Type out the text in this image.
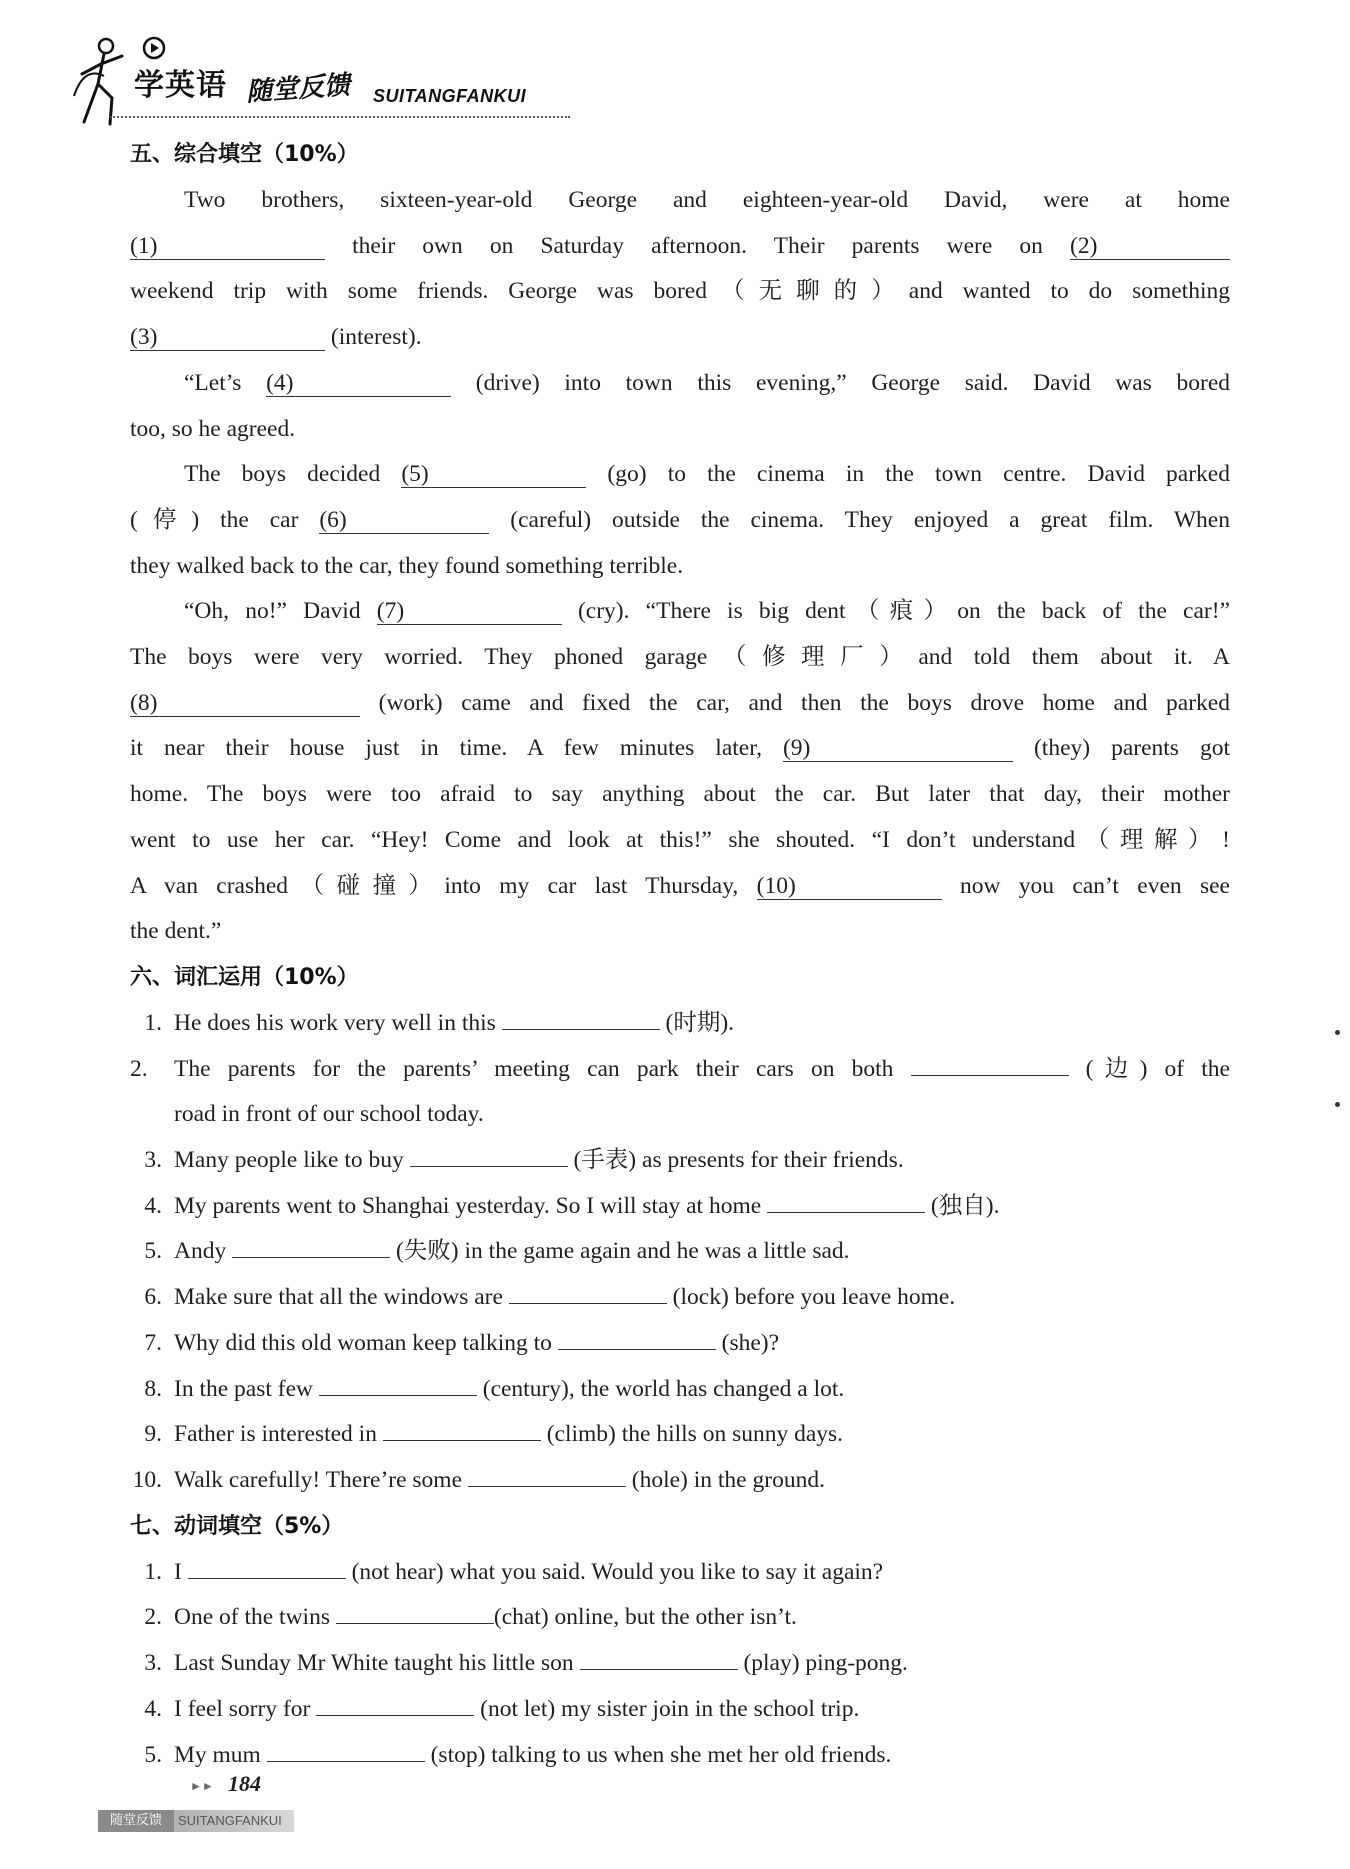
学英语 随堂反馈 SUITANGFANKUI
五、综合填空（10%）

Two brothers, sixteen-year-old George and eighteen-year-old David, were at home

(1)	their own on Saturday afternoon. Their parents were on (2)

weekend trip with some friends. George was bored（无聊的）and wanted to do something

(3)	(interest).

“Let’s (4)	(drive) into town this evening,” George said. David was bored

too, so he agreed.

The boys decided (5)	(go) to the cinema in the town centre. David parked

(停) the car (6)	(careful) outside the cinema. They enjoyed a great film. When

they walked back to the car, they found something terrible.

“Oh, no!” David (7)	(cry). “There is big dent（痕）on the back of the car!”

The boys were very worried. They phoned garage（修理厂）and told them about it. A

(8)	(work) came and fixed the car, and then the boys drove home and parked

it near their house just in time. A few minutes later, (9)	(they) parents got

home. The boys were too afraid to say anything about the car. But later that day, their mother

went to use her car. “Hey! Come and look at this!” she shouted. “I don’t understand（理解）!

A van crashed（碰撞）into my car last Thursday, (10)	now you can’t even see

the dent.”

六、词汇运用（10%）
1. He does his work very well in this	(时期).
2.	The parents for the parents’ meeting can park their cars on both	(边) of the
road in front of our school today.
3. Many people like to buy	(手表) as presents for their friends.
4. My parents went to Shanghai yesterday. So I will stay at home	(独自).
5. Andy	(失败) in the game again and he was a little sad.
6. Make sure that all the windows are	(lock) before you leave home.
7. Why did this old woman keep talking to	(she)?
8. In the past few	(century), the world has changed a lot.
9. Father is interested in	(climb) the hills on sunny days.
10. Walk carefully! There’re some	(hole) in the ground.
七、动词填空（5%）
1. I	(not hear) what you said. Would you like to say it again?
2. One of the twins	(chat) online, but the other isn’t.
3. Last Sunday Mr White taught his little son	(play) ping-pong.
4. I feel sorry for	(not let) my sister join in the school trip.
5. My mum	(stop) talking to us when she met her old friends.
►► 184
随堂反馈	SUITANGFANKUI
